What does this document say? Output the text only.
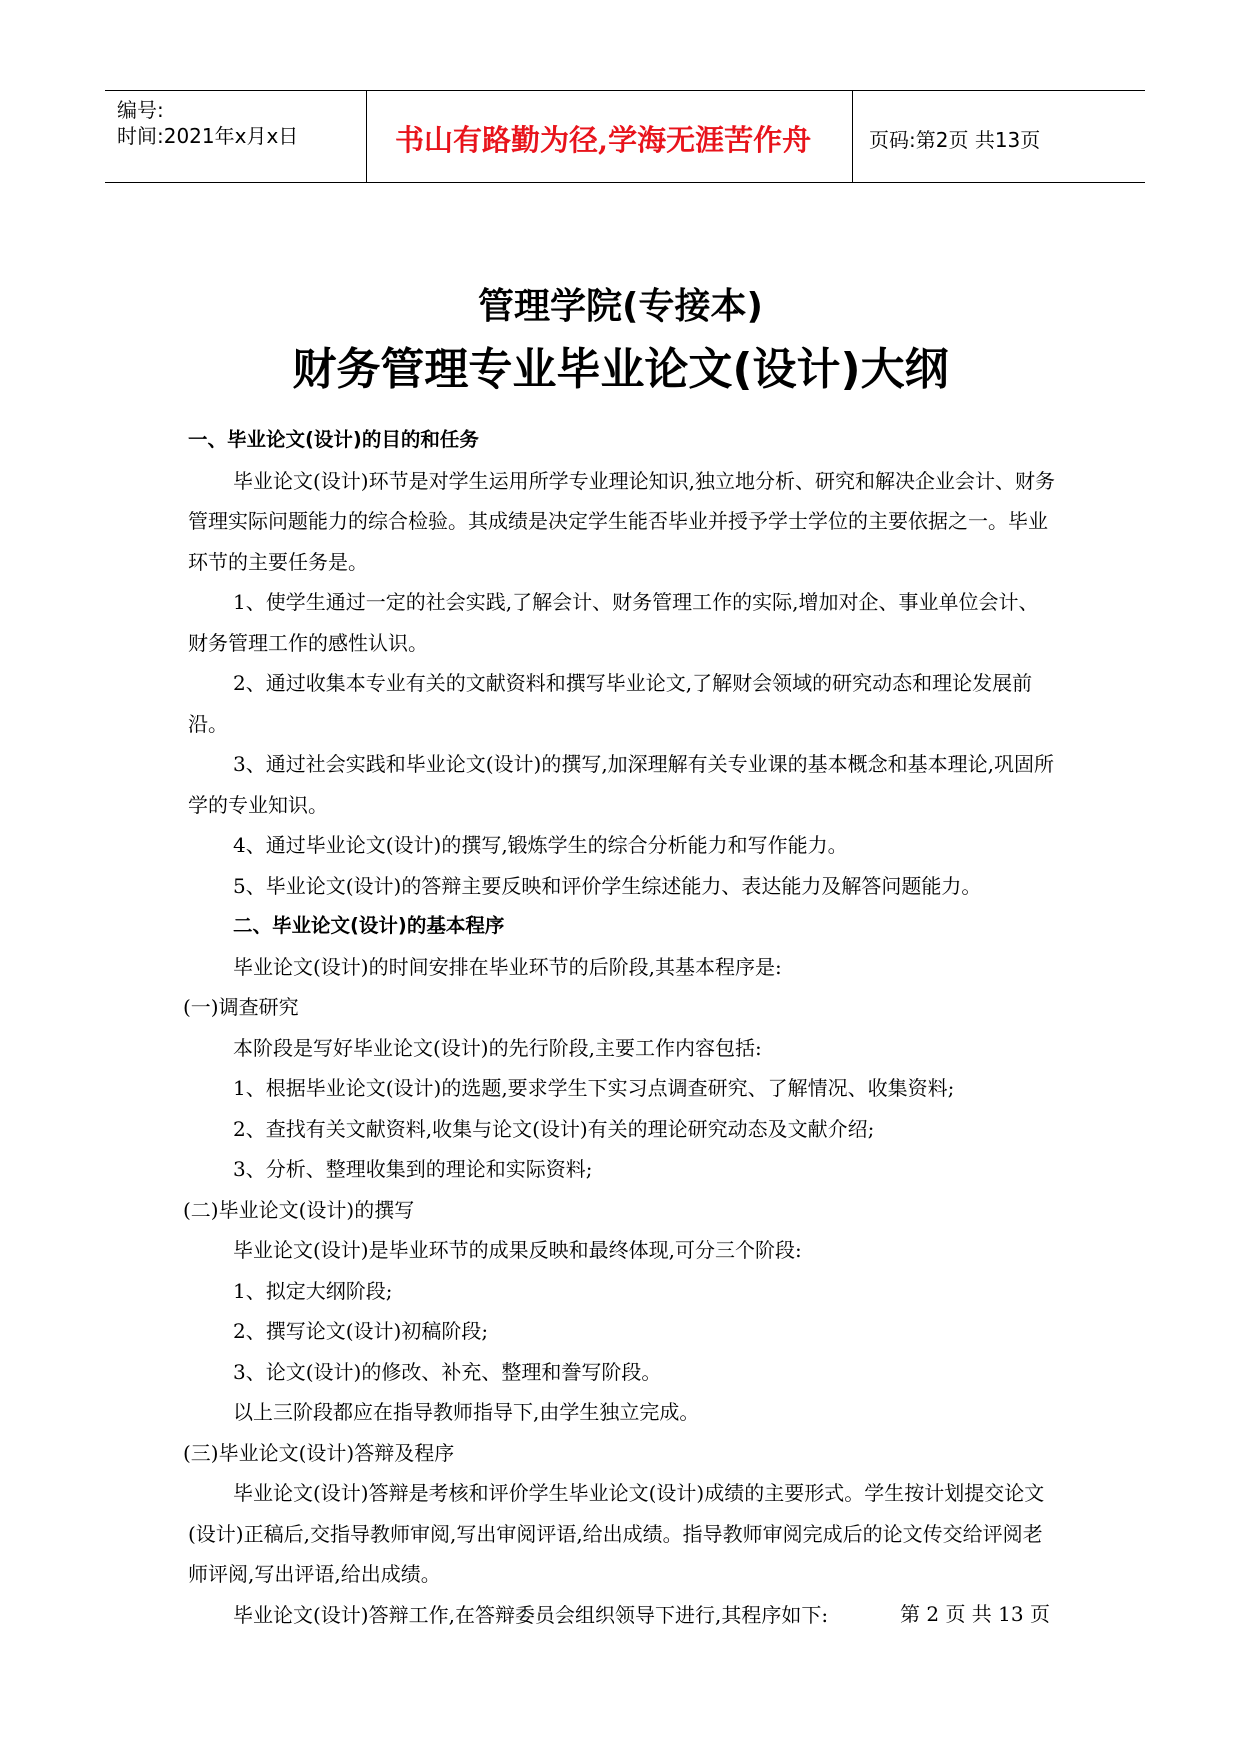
编号:
时间:2021年x月x日	书山有路勤为径,学海无涯苦作舟	页码:第2页 共13页
管理学院(专接本)
财务管理专业毕业论文(设计)大纲

一、毕业论文(设计)的目的和任务

毕业论文(设计)环节是对学生运用所学专业理论知识,独立地分析、研究和解决企业会计、财务管理实际问题能力的综合检验。其成绩是决定学生能否毕业并授予学士学位的主要依据之一。毕业环节的主要任务是。

1、使学生通过一定的社会实践,了解会计、财务管理工作的实际,增加对企、事业单位会计、财务管理工作的感性认识。

2、通过收集本专业有关的文献资料和撰写毕业论文,了解财会领域的研究动态和理论发展前沿。

3、通过社会实践和毕业论文(设计)的撰写,加深理解有关专业课的基本概念和基本理论,巩固所学的专业知识。

4、通过毕业论文(设计)的撰写,锻炼学生的综合分析能力和写作能力。

5、毕业论文(设计)的答辩主要反映和评价学生综述能力、表达能力及解答问题能力。

二、毕业论文(设计)的基本程序

毕业论文(设计)的时间安排在毕业环节的后阶段,其基本程序是:

(一)调查研究

本阶段是写好毕业论文(设计)的先行阶段,主要工作内容包括:

1、根据毕业论文(设计)的选题,要求学生下实习点调查研究、了解情况、收集资料;

2、查找有关文献资料,收集与论文(设计)有关的理论研究动态及文献介绍;

3、分析、整理收集到的理论和实际资料;

(二)毕业论文(设计)的撰写

毕业论文(设计)是毕业环节的成果反映和最终体现,可分三个阶段:

1、拟定大纲阶段;

2、撰写论文(设计)初稿阶段;

3、论文(设计)的修改、补充、整理和誊写阶段。

以上三阶段都应在指导教师指导下,由学生独立完成。

(三)毕业论文(设计)答辩及程序

毕业论文(设计)答辩是考核和评价学生毕业论文(设计)成绩的主要形式。学生按计划提交论文(设计)正稿后,交指导教师审阅,写出审阅评语,给出成绩。指导教师审阅完成后的论文传交给评阅老师评阅,写出评语,给出成绩。

毕业论文(设计)答辩工作,在答辩委员会组织领导下进行,其程序如下:	第 2 页 共 13 页
